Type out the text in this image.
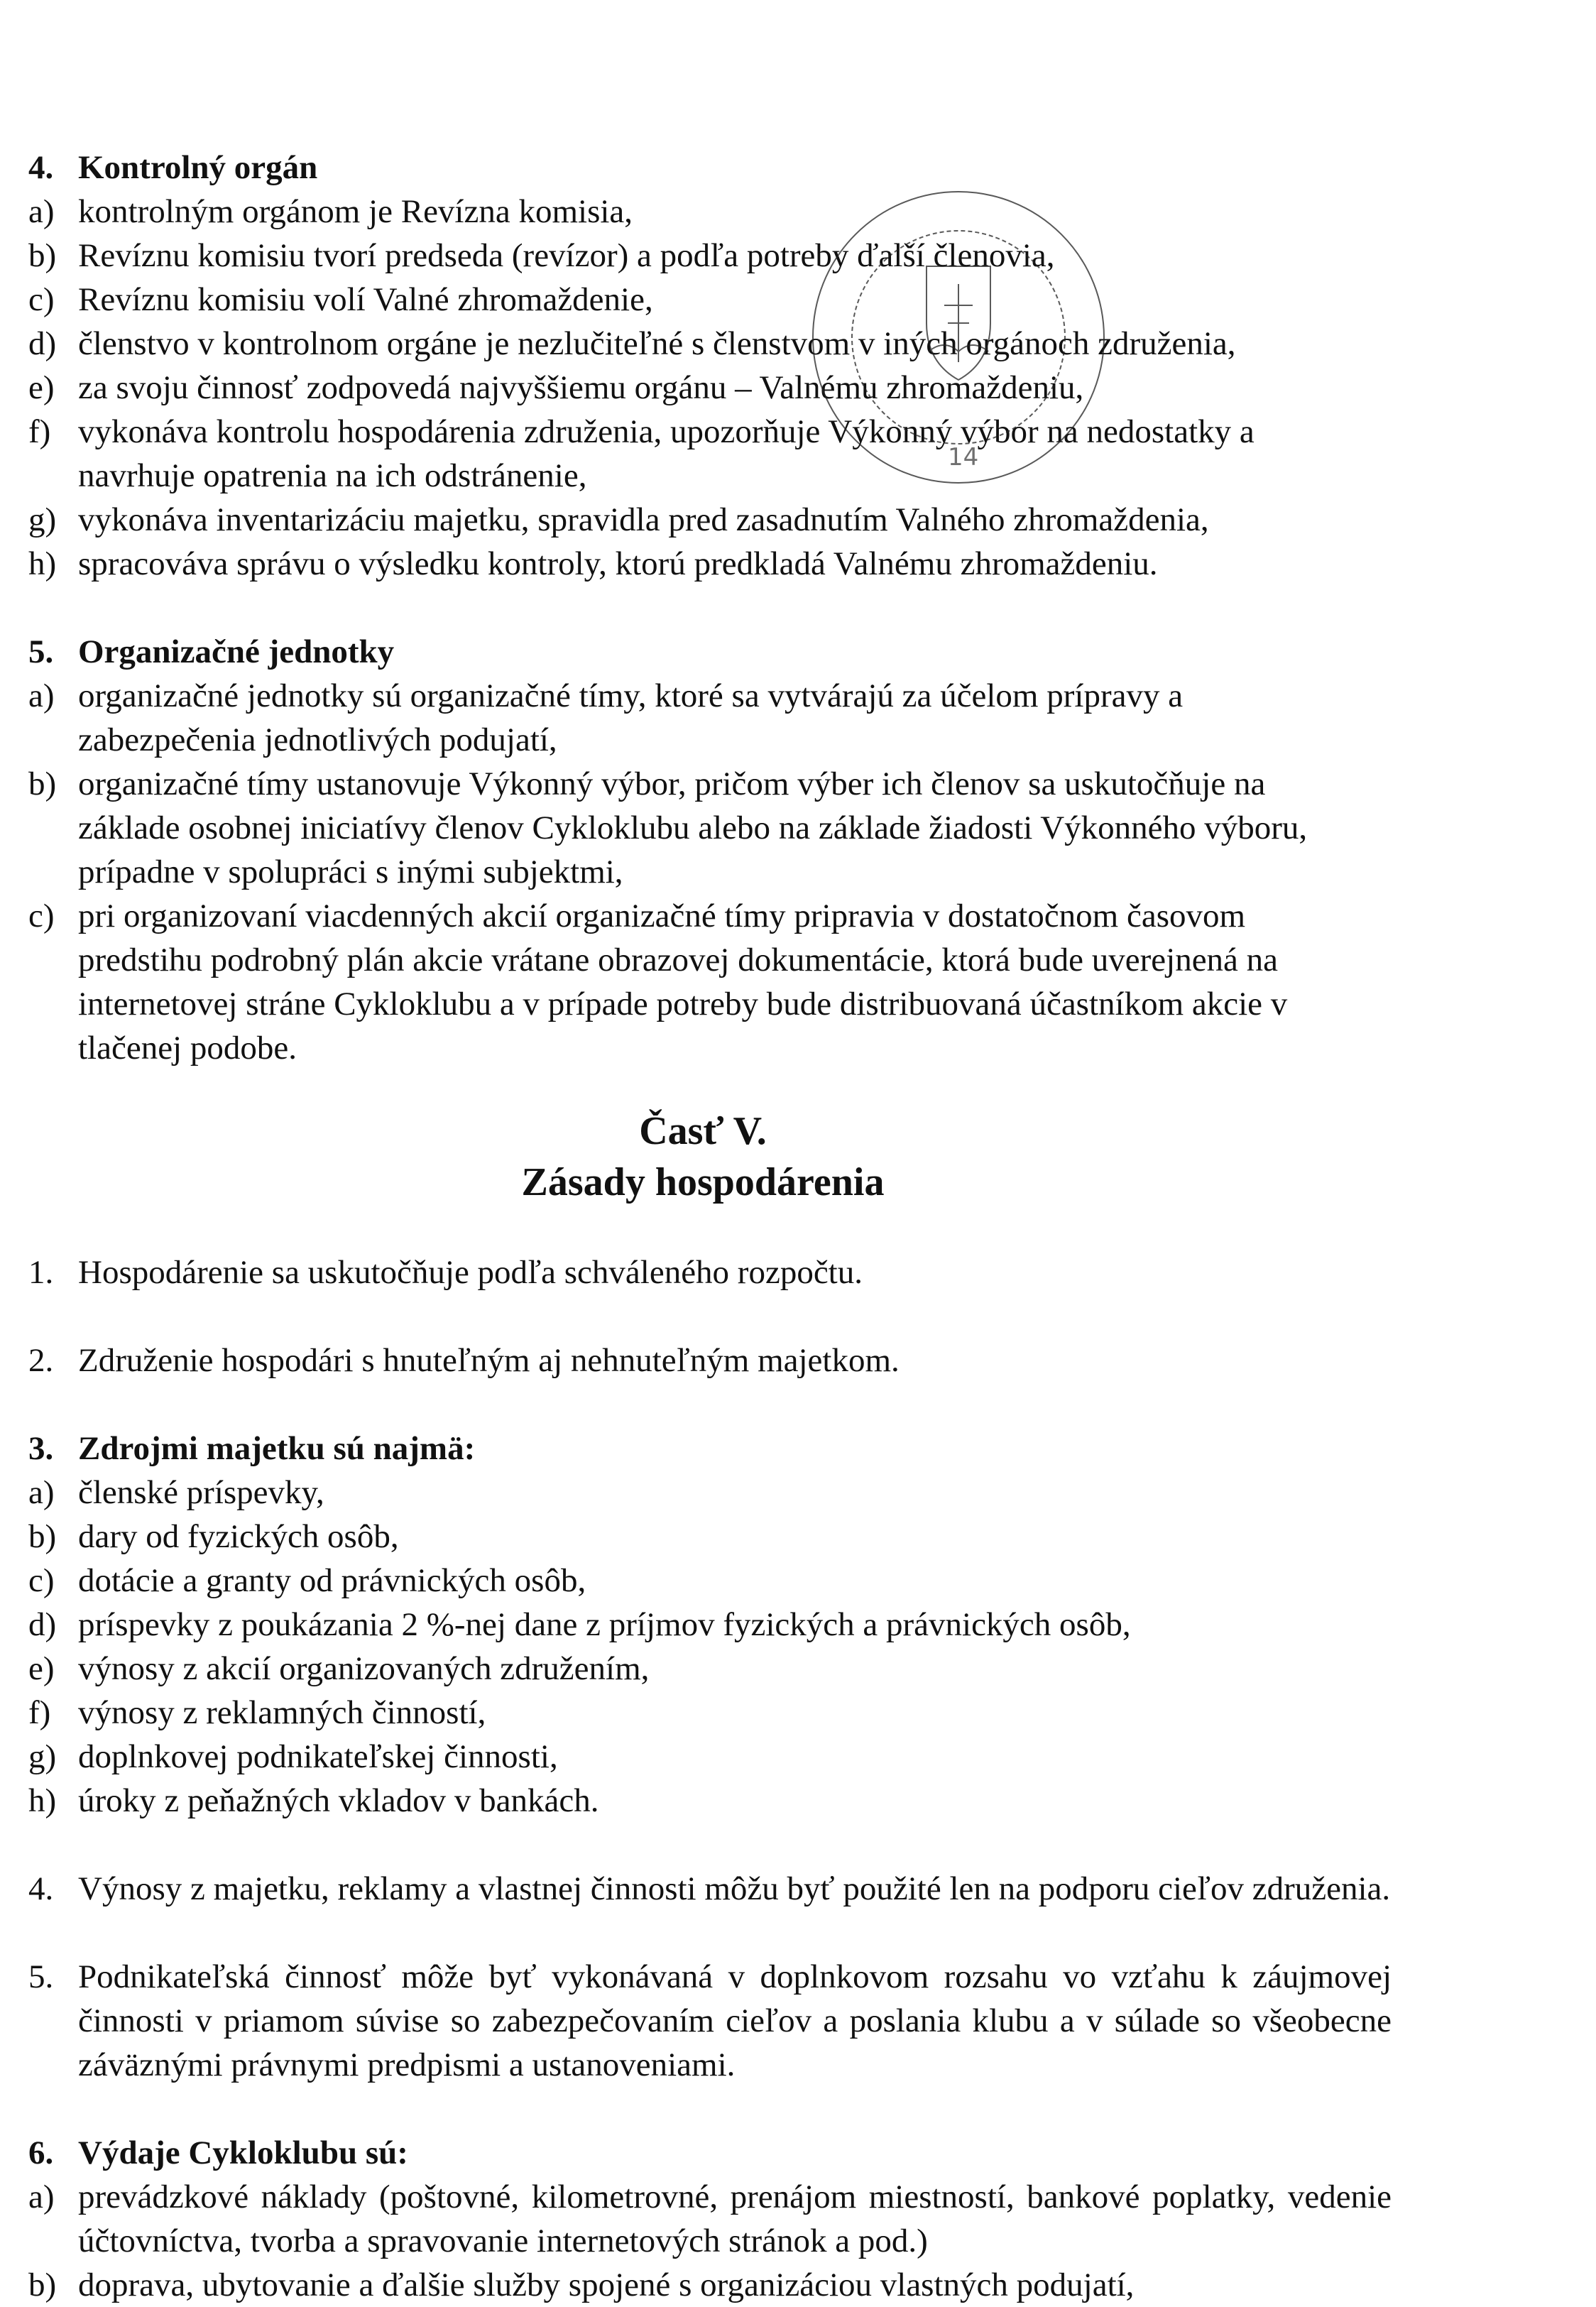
4. Kontrolný orgán
a) kontrolným orgánom je Revízna komisia,
b) Revíznu komisiu tvorí predseda (revízor) a podľa potreby ďalší členovia,
c) Revíznu komisiu volí Valné zhromaždenie,
d) členstvo v kontrolnom orgáne je nezlučiteľné s členstvom v iných orgánoch združenia,
e) za svoju činnosť zodpovedá najvyššiemu orgánu – Valnému zhromaždeniu,
f) vykonáva kontrolu hospodárenia združenia, upozorňuje Výkonný výbor na nedostatky a navrhuje opatrenia na ich odstránenie,
g) vykonáva inventarizáciu majetku, spravidla pred zasadnutím Valného zhromaždenia,
h) spracováva správu o výsledku kontroly, ktorú predkladá Valnému zhromaždeniu.
5. Organizačné jednotky
a) organizačné jednotky sú organizačné tímy, ktoré sa vytvárajú za účelom prípravy a zabezpečenia jednotlivých podujatí,
b) organizačné tímy ustanovuje Výkonný výbor, pričom výber ich členov sa uskutočňuje na základe osobnej iniciatívy členov Cykloklubu alebo na základe žiadosti Výkonného výboru, prípadne v spolupráci s inými subjektmi,
c) pri organizovaní viacdenných akcií organizačné tímy pripravia v dostatočnom časovom predstihu podrobný plán akcie vrátane obrazovej dokumentácie, ktorá bude uverejnená na internetovej stráne Cykloklubu a v prípade potreby bude distribuovaná účastníkom akcie v tlačenej podobe.
Časť V.
Zásady hospodárenia
1. Hospodárenie sa uskutočňuje podľa schváleného rozpočtu.
2. Združenie hospodári s hnuteľným aj nehnuteľným majetkom.
3. Zdrojmi majetku sú najmä:
a) členské príspevky,
b) dary od fyzických osôb,
c) dotácie a granty od právnických osôb,
d) príspevky z poukázania 2 %-nej dane z príjmov fyzických a právnických osôb,
e) výnosy z akcií organizovaných združením,
f) výnosy z reklamných činností,
g) doplnkovej podnikateľskej činnosti,
h) úroky z peňažných vkladov v bankách.
4. Výnosy z majetku, reklamy a vlastnej činnosti môžu byť použité len na podporu cieľov združenia.
5. Podnikateľská činnosť môže byť vykonávaná v doplnkovom rozsahu vo vzťahu k záujmovej činnosti v priamom súvise so zabezpečovaním cieľov a poslania klubu a v súlade so všeobecne záväznými právnymi predpismi a ustanoveniami.
6. Výdaje Cykloklubu sú:
a) prevádzkové náklady (poštovné, kilometrovné, prenájom miestností, bankové poplatky, vedenie účtovníctva, tvorba a spravovanie internetových stránok a pod.)
b) doprava, ubytovanie a ďalšie služby spojené s organizáciou vlastných podujatí,
14
